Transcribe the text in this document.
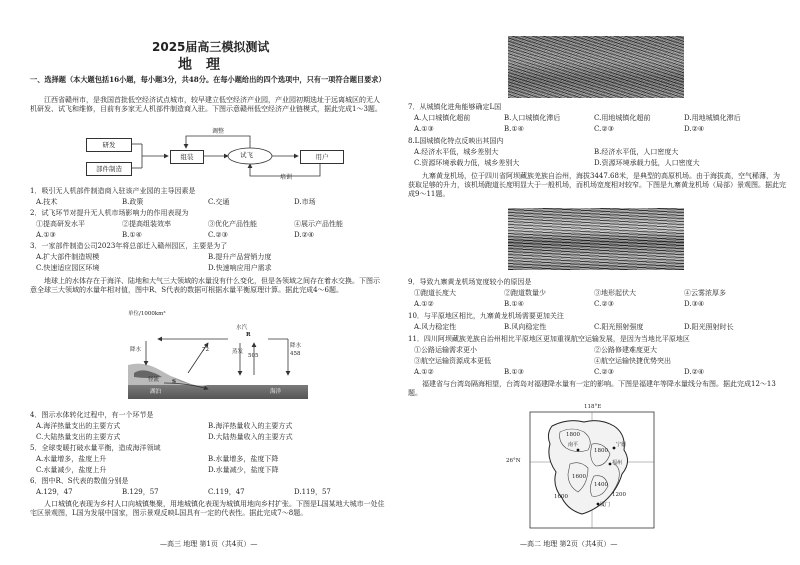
2025届高三模拟测试
地理
一、选择题（本大题包括16小题，每小题3分，共48分。在每小题给出的四个选项中，只有一项符合题目要求）
江西省赣州市，是我国首批低空经济试点城市，较早建立低空经济产业园，产业园初期选址于远离城区的无人机研发、试飞和维修，目前有多家无人机部件制造商入驻。下图示意赣州低空经济产业链模式，据此完成1～3题。
研发
部件制造
组装	试飞	用户
调整
培训
1．吸引无人机部件制造商入驻该产业园的主导因素是
A.技术	B.政策	C.交通	D.市场
2．试飞环节对提升无人机市场影响力的作用表现为
①提高研发水平	②提高组装效率	③优化产品性能	④展示产品性能
A.①③	B.①④	C.②③	D.②④
3．一家部件制造公司2023年将总部迁入赣州园区，主要是为了
A.扩大部件制造规模	B.提升产品营销力度
C.快速适应园区环境	D.快速响应用户需求
地球上的水体存在于海洋、陆地和大气三大领域的水量没有什么变化，但是各领域之间存在着水交换。下图示意全球三大领域的水量年相对值，图中R、S代表的数据可根据水量平衡原理计算。据此完成4～6题。
单位/1000km³
水汽
R
降水	72	蒸发
505
降水
458
径流 S
湖泊	海洋
4．图示水体转化过程中，有一个环节是
A.海洋热量支出的主要方式	B.海洋热量收入的主要方式
C.大陆热量支出的主要方式	D.大陆热量收入的主要方式
5．全球变暖打破水量平衡，造成海洋领域
A.水量增多，盐度上升	B.水量增多，盐度下降
C.水量减少，盐度上升	D.水量减少，盐度下降
6．图中R、S代表的数值分别是
A.129，47	B.129，57	C.119，47	D.119，57
人口城镇化表现为乡村人口向城镇集聚，用地城镇化表现为城镇用地向乡村扩张。下图是L国某地大城市一处住宅区景观图，L国为发展中国家，图示景观反映L国具有一定的代表性。据此完成7～8题。
—高三 地理 第1页（共4页）—
7．从城镇化进角能够确定L国
A.人口城镇化超前	B.人口城镇化滞后	C.用地城镇化超前	D.用地城镇化滞后
A.①③	B.①④	C.②③	D.②④
8.L国城镇化特点反映出其国内
A.经济水平低，城乡差别大	B.经济水平低，人口密度大
C.资源环境承载力低，城乡差别大	D.资源环境承载力低，人口密度大
九寨黄龙机场，位于四川省阿坝藏族羌族自治州，海拔3447.68米，是典型的高原机场。由于海拔高，空气稀薄，为获取足够的升力，该机场跑道长度明显大于一般机场，而机场宽度相对较窄。下图是九寨黄龙机场（局部）景观图。据此完成9～11题。
9．导致九寨黄龙机场宽度较小的原因是
①跑道长度大	②跑道数量少	③地形起伏大	④云雾浓厚多
A.①②	B.①④	C.②③	D.③④
10．与平原地区相比，九寨黄龙机场需要更加关注
A.风力稳定性	B.风向稳定性	C.阳光照射强度	D.阳光照射时长
11．四川阿坝藏族羌族自治州相比平原地区更加重视航空运输发展，是因为当地比平原地区
①公路运输需求更小	②公路修建难度更大
③航空运输资源成本更低	④航空运输快捷优势突出
A.①②	B.①③	C.②③	D.②④
福建省与台湾岛隔海相望，台湾岛对福建降水量有一定的影响。下图是福建年等降水量线分布图。据此完成12～13题。
118°E
26°N
1800
1800
1600
1400
1200
1600
南平	宁德
福州
厦门
—高二 地理 第2页（共4页）—
